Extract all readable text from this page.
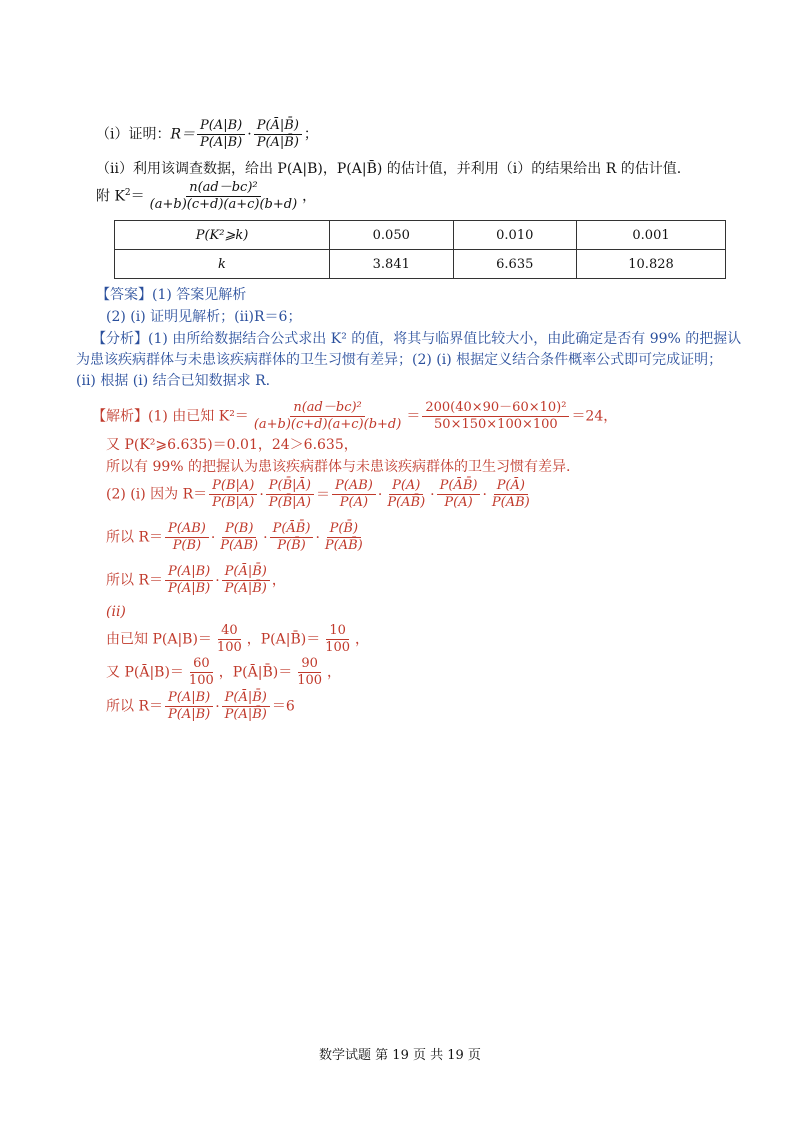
（ⅰ）证明：$R= \frac{P(A|B)}{P(Ā|B)} \cdot \frac{P(Ā|B̄)}{P(A|B̄)}$ ；
（ⅱ）利用该调查数据，给出 P(A|B)，P(A|B̄) 的估计值，并利用（ⅰ）的结果给出 R 的估计值.
附 $K^2= \frac{\text{n(ad－bc)²}}{(a+b)(c+d)(a+c)(b+d)}$ ，
P(K²⩾k)	0.050	0.010	0.001
k	3.841	6.635	10.828
【答案】(1) 答案见解析
(2) (i) 证明见解析；(ii)R＝6；
【分析】(1) 由所给数据结合公式求出 K² 的值，将其与临界值比较大小，由此确定是否有 99% 的把握认
为患该疾病群体与未患该疾病群体的卫生习惯有差异；(2) (i) 根据定义结合条件概率公式即可完成证明；
(ii) 根据 (i) 结合已知数据求 R.
【解析】(1) 由已知 $K^2= \frac{\text{n(ad－bc)²}}{(a+b)(c+d)(a+c)(b+d)} = \frac{\text{200(40×90－60×10)²}}{50\times 150\times 100\times 100} =24$，
又 P(K²⩾6.635)＝0.01，24＞6.635，
所以有 99% 的把握认为患该疾病群体与未患该疾病群体的卫生习惯有差异.
(2) (i) 因为 $R= \frac{P(B|A)}{P(B|Ā)} \cdot \frac{P(B̄|Ā)}{P(B̄|A)} = \frac{P(AB)}{P(A)} \cdot \frac{P(A)}{P(AB̄)} \cdot \frac{P(ĀB̄)}{P(Ā)} \cdot \frac{P(Ā)}{P(ĀB)}$
所以 $R= \frac{P(AB)}{P(B)} \cdot \frac{P(B)}{P(ĀB)} \cdot \frac{P(ĀB̄)}{P(B̄)} \cdot \frac{P(B̄)}{P(AB̄)}$
所以 $R= \frac{P(A|B)}{P(Ā|B)} \cdot \frac{P(Ā|B̄)}{P(A|B̄)}$ ，
(ii)
由已知 $P(A|B)= \frac{40}{100}$ ，P(A|B̄)＝ $\frac{10}{100}$ ，
又 P(Ā|B)＝ $\frac{60}{100}$ ，P(Ā|B̄)＝ $\frac{90}{100}$ ，
所以 $R= \frac{P(A|B)}{P(Ā|B)} \cdot \frac{P(Ā|B̄)}{P(A|B̄)} =6$
数学试题 第 19 页 共 19 页
